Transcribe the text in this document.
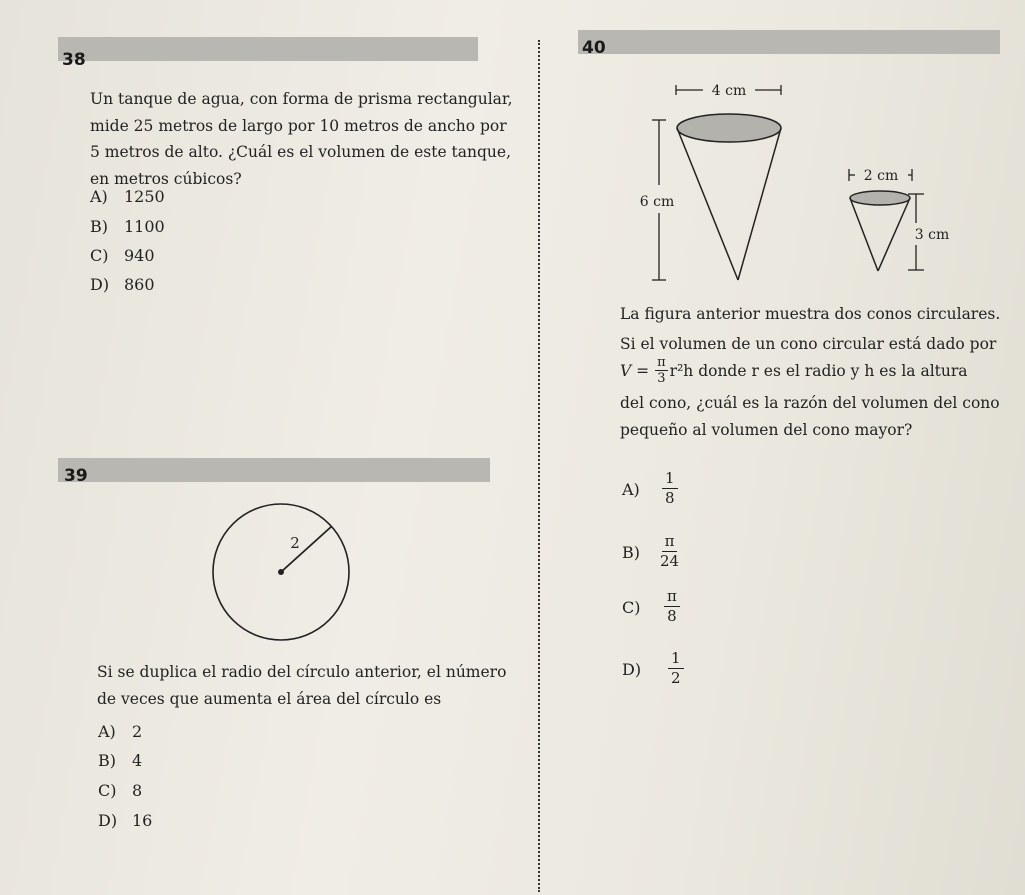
38

Un tanque de agua, con forma de prisma rectangular,
mide 25 metros de largo por 10 metros de ancho por
5 metros de alto. ¿Cuál es el volumen de este tanque,
en metros cúbicos?

A) 1250
B) 1100
C) 940
D) 860
40
4 cm
6 cm
2 cm
3 cm
La figura anterior muestra dos conos circulares.
Si el volumen de un cono circular está dado por
$V = \frac{\pi}{3} r^2h$ donde r es el radio y h es la altura
del cono, ¿cuál es la razón del volumen del cono
pequeño al volumen del cono mayor?
A)	$\frac{1}{8}$
B)	$\frac{\pi}{24}$
C)	$\frac{\pi}{8}$
D)	$\frac{1}{2}$
39
2

Si se duplica el radio del círculo anterior, el número
de veces que aumenta el área del círculo es

A) 2
B) 4
C) 8
D) 16
